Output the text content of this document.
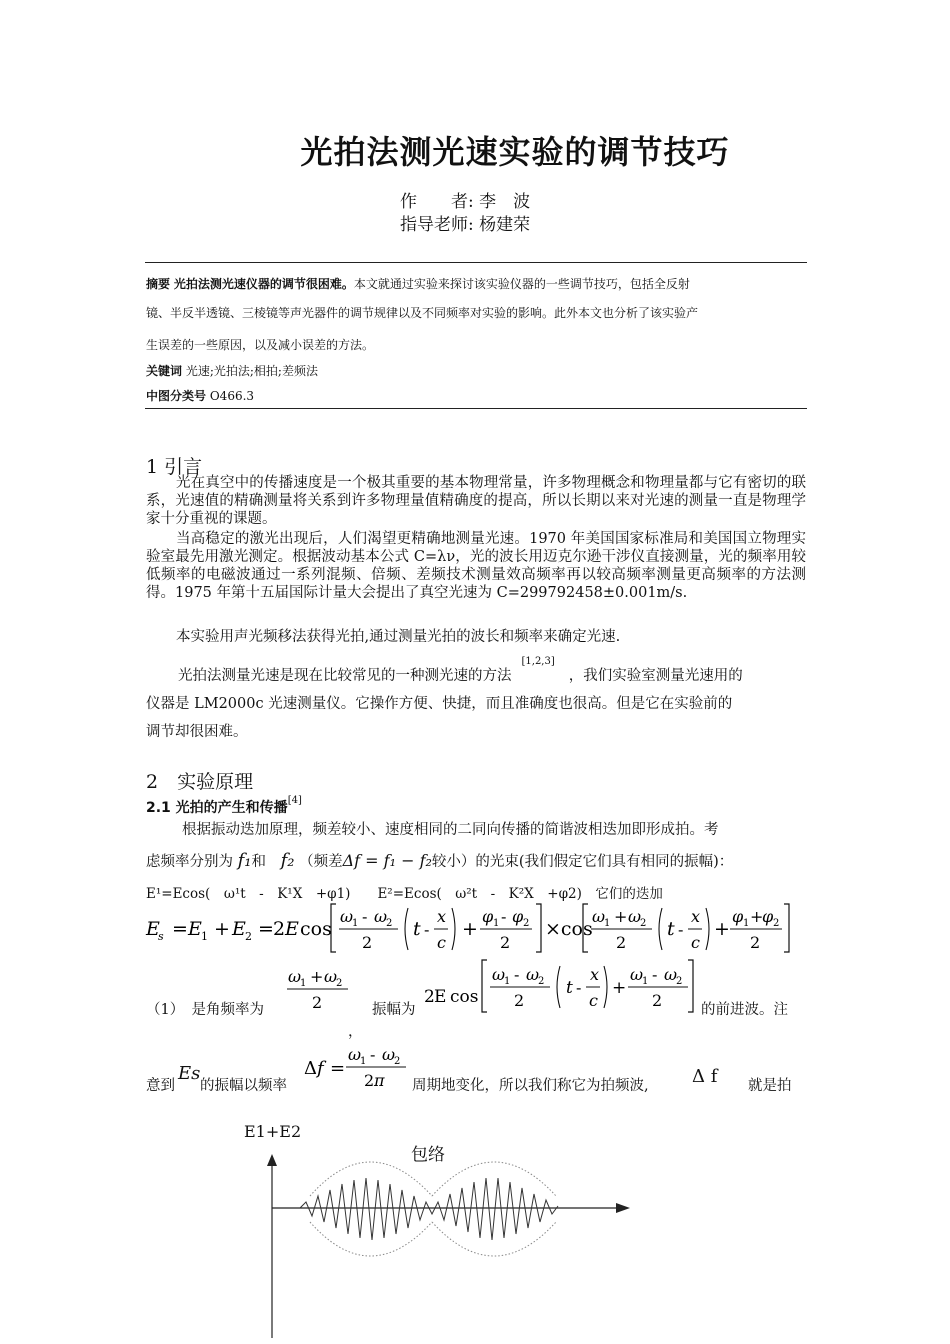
光拍法测光速实验的调节技巧
作　　者: 李　波
指导老师: 杨建荣
摘要 光拍法测光速仪器的调节很困难。本文就通过实验来探讨该实验仪器的一些调节技巧，包括全反射
镜、半反半透镜、三棱镜等声光器件的调节规律以及不同频率对实验的影响。此外本文也分析了该实验产
生误差的一些原因，以及减小误差的方法。
关键词 光速;光拍法;相拍;差频法
中图分类号 O466.3
1 引言
光在真空中的传播速度是一个极其重要的基本物理常量，许多物理概念和物理量都与它有密切的联系，光速值的精确测量将关系到许多物理量值精确度的提高，所以长期以来对光速的测量一直是物理学家十分重视的课题。
当高稳定的激光出现后，人们渴望更精确地测量光速。1970 年美国国家标准局和美国国立物理实验室最先用激光测定。根据波动基本公式 C=λν，光的波长用迈克尔逊干涉仪直接测量，光的频率用较低频率的电磁波通过一系列混频、倍频、差频技术测量效高频率再以较高频率测量更高频率的方法测得。1975 年第十五届国际计量大会提出了真空光速为 C=299792458±0.001m/s.
本实验用声光频移法获得光拍,通过测量光拍的波长和频率来确定光速.
光拍法测量光速是现在比较常见的一种测光速的方法[1,2,3]，我们实验室测量光速用的
仪器是 LM2000c 光速测量仪。它操作方便、快捷，而且准确度也很高。但是它在实验前的
调节却很困难。
2　实验原理
2.1 光拍的产生和传播[4]
根据振动迭加原理，频差较小、速度相同的二同向传播的简谐波相迭加即形成拍。考
虑频率分别为 f₁和 f₂ （频差Δf = f₁ − f₂较小）的光束(我们假定它们具有相同的振幅)：
E¹=Ecos(　ω¹t　-　K¹X　+φ1)　　E²=Ecos(　ω²t　-　K²X　+φ2)　它们的迭加
E
s = E 1 + E 2 = 2 E cos
ω
1 - ω
2
2
t -
x
c
+
φ 1 - φ 2
2
×cos
ω
1 + ω
2
2
t -
x
c
+
φ 1 +
φ 2
2
ω
1 + ω
2
2	2 E cos
ω
1 - ω
2
2
t -
x
c
+
ω
1 - ω
2
2
（1）　是角频率为	振幅为	的前进波。注
，
意到
Es
的振幅以频率
Δ f =
ω
1 - ω
2
2 π 周期地变化，所以我们称它为拍频波, Δ f 就是拍
E1+E2
包络
